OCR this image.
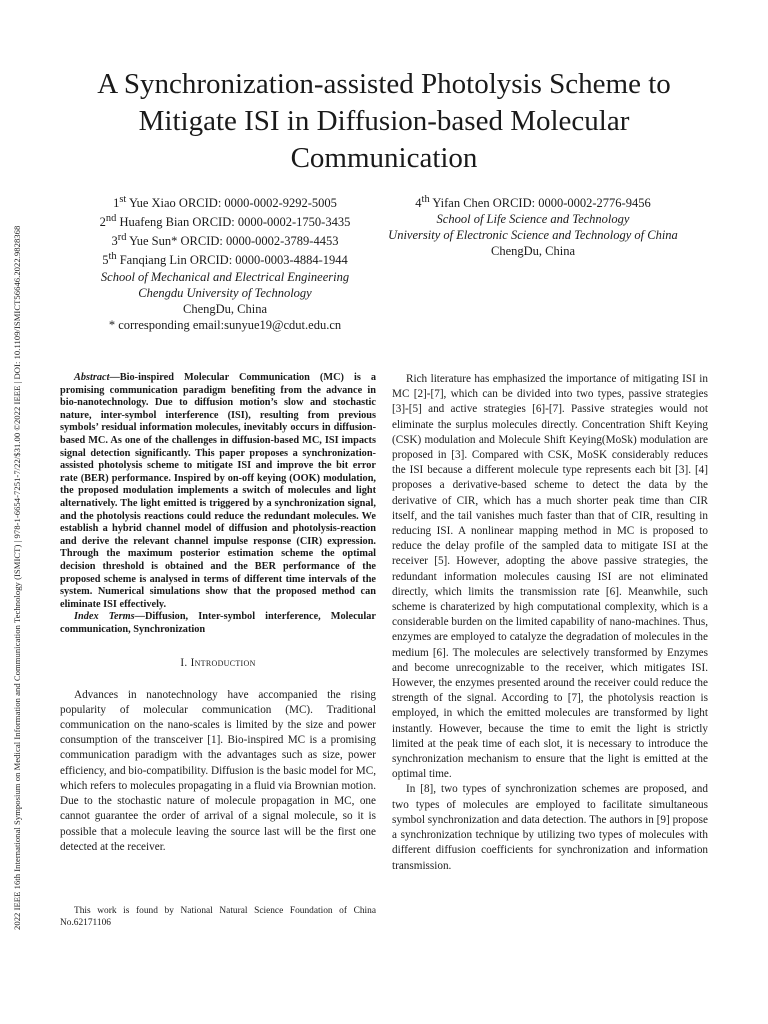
2022 IEEE 16th International Symposium on Medical Information and Communication Technology (ISMICT) | 978-1-6654-7251-7/22/$31.00 ©2022 IEEE | DOI: 10.1109/ISMICT56646.2022.9828368
A Synchronization-assisted Photolysis Scheme to
Mitigate ISI in Diffusion-based Molecular
Communication
1st Yue Xiao ORCID: 0000-0002-9292-5005
2nd Huafeng Bian ORCID: 0000-0002-1750-3435
3rd Yue Sun* ORCID: 0000-0002-3789-4453
5th Fanqiang Lin ORCID: 0000-0003-4884-1944
School of Mechanical and Electrical Engineering
Chengdu University of Technology
ChengDu, China
* corresponding email:sunyue19@cdut.edu.cn
4th Yifan Chen ORCID: 0000-0002-2776-9456
School of Life Science and Technology
University of Electronic Science and Technology of China
ChengDu, China

Abstract—Bio-inspired Molecular Communication (MC) is a promising communication paradigm benefiting from the advance in bio-nanotechnology. Due to diffusion motion’s slow and stochastic nature, inter-symbol interference (ISI), resulting from previous symbols’ residual information molecules, inevitably occurs in diffusion-based MC. As one of the challenges in diffusion-based MC, ISI impacts signal detection significantly. This paper proposes a synchronization-assisted photolysis scheme to mitigate ISI and improve the bit error rate (BER) performance. Inspired by on-off keying (OOK) modulation, the proposed modulation implements a switch of molecules and light alternatively. The light emitted is triggered by a synchronization signal, and the photolysis reactions could reduce the redundant molecules. We establish a hybrid channel model of diffusion and photolysis-reaction and derive the relevant channel impulse response (CIR) expression. Through the maximum posterior estimation scheme the optimal decision threshold is obtained and the BER performance of the proposed scheme is analysed in terms of different time intervals of the system. Numerical simulations show that the proposed method can eliminate ISI effectively.

Index Terms—Diffusion, Inter-symbol interference, Molecular communication, Synchronization

I. Introduction

Advances in nanotechnology have accompanied the rising popularity of molecular communication (MC). Traditional communication on the nano-scales is limited by the size and power consumption of the transceiver [1]. Bio-inspired MC is a promising communication paradigm with the advantages such as size, power efficiency, and bio-compatibility. Diffusion is the basic model for MC, which refers to molecules propagating in a fluid via Brownian motion. Due to the stochastic nature of molecule propagation in MC, one cannot guarantee the order of arrival of a signal molecule, so it is possible that a molecule leaving the source last will be the first one detected at the receiver.

This work is found by National Natural Science Foundation of China No.62171106

Rich literature has emphasized the importance of mitigating ISI in MC [2]-[7], which can be divided into two types, passive strategies [3]-[5] and active strategies [6]-[7]. Passive strategies would not eliminate the surplus molecules directly. Concentration Shift Keying (CSK) modulation and Molecule Shift Keying(MoSk) modulation are proposed in [3]. Compared with CSK, MoSK considerably reduces the ISI because a different molecule type represents each bit [3]. [4] proposes a derivative-based scheme to detect the data by the derivative of CIR, which has a much shorter peak time than CIR itself, and the tail vanishes much faster than that of CIR, resulting in reducing ISI. A nonlinear mapping method in MC is proposed to reduce the delay profile of the sampled data to mitigate ISI at the receiver [5]. However, adopting the above passive strategies, the redundant information molecules causing ISI are not eliminated directly, which limits the transmission rate [6]. Meanwhile, such scheme is charaterized by high computational complexity, which is a considerable burden on the limited capability of nano-machines. Thus, enzymes are employed to catalyze the degradation of molecules in the medium [6]. The molecules are selectively transformed by Enzymes and become unrecognizable to the receiver, which mitigates ISI. However, the enzymes presented around the receiver could reduce the strength of the signal. According to [7], the photolysis reaction is employed, in which the emitted molecules are transformed by light instantly. However, because the time to emit the light is strictly limited at the peak time of each slot, it is necessary to introduce the synchronization mechanism to ensure that the light is emitted at the optimal time.

In [8], two types of synchronization schemes are proposed, and two types of molecules are employed to facilitate simultaneous symbol synchronization and data detection. The authors in [9] propose a synchronization technique by utilizing two types of molecules with different diffusion coefficients for synchronization and information transmission.
